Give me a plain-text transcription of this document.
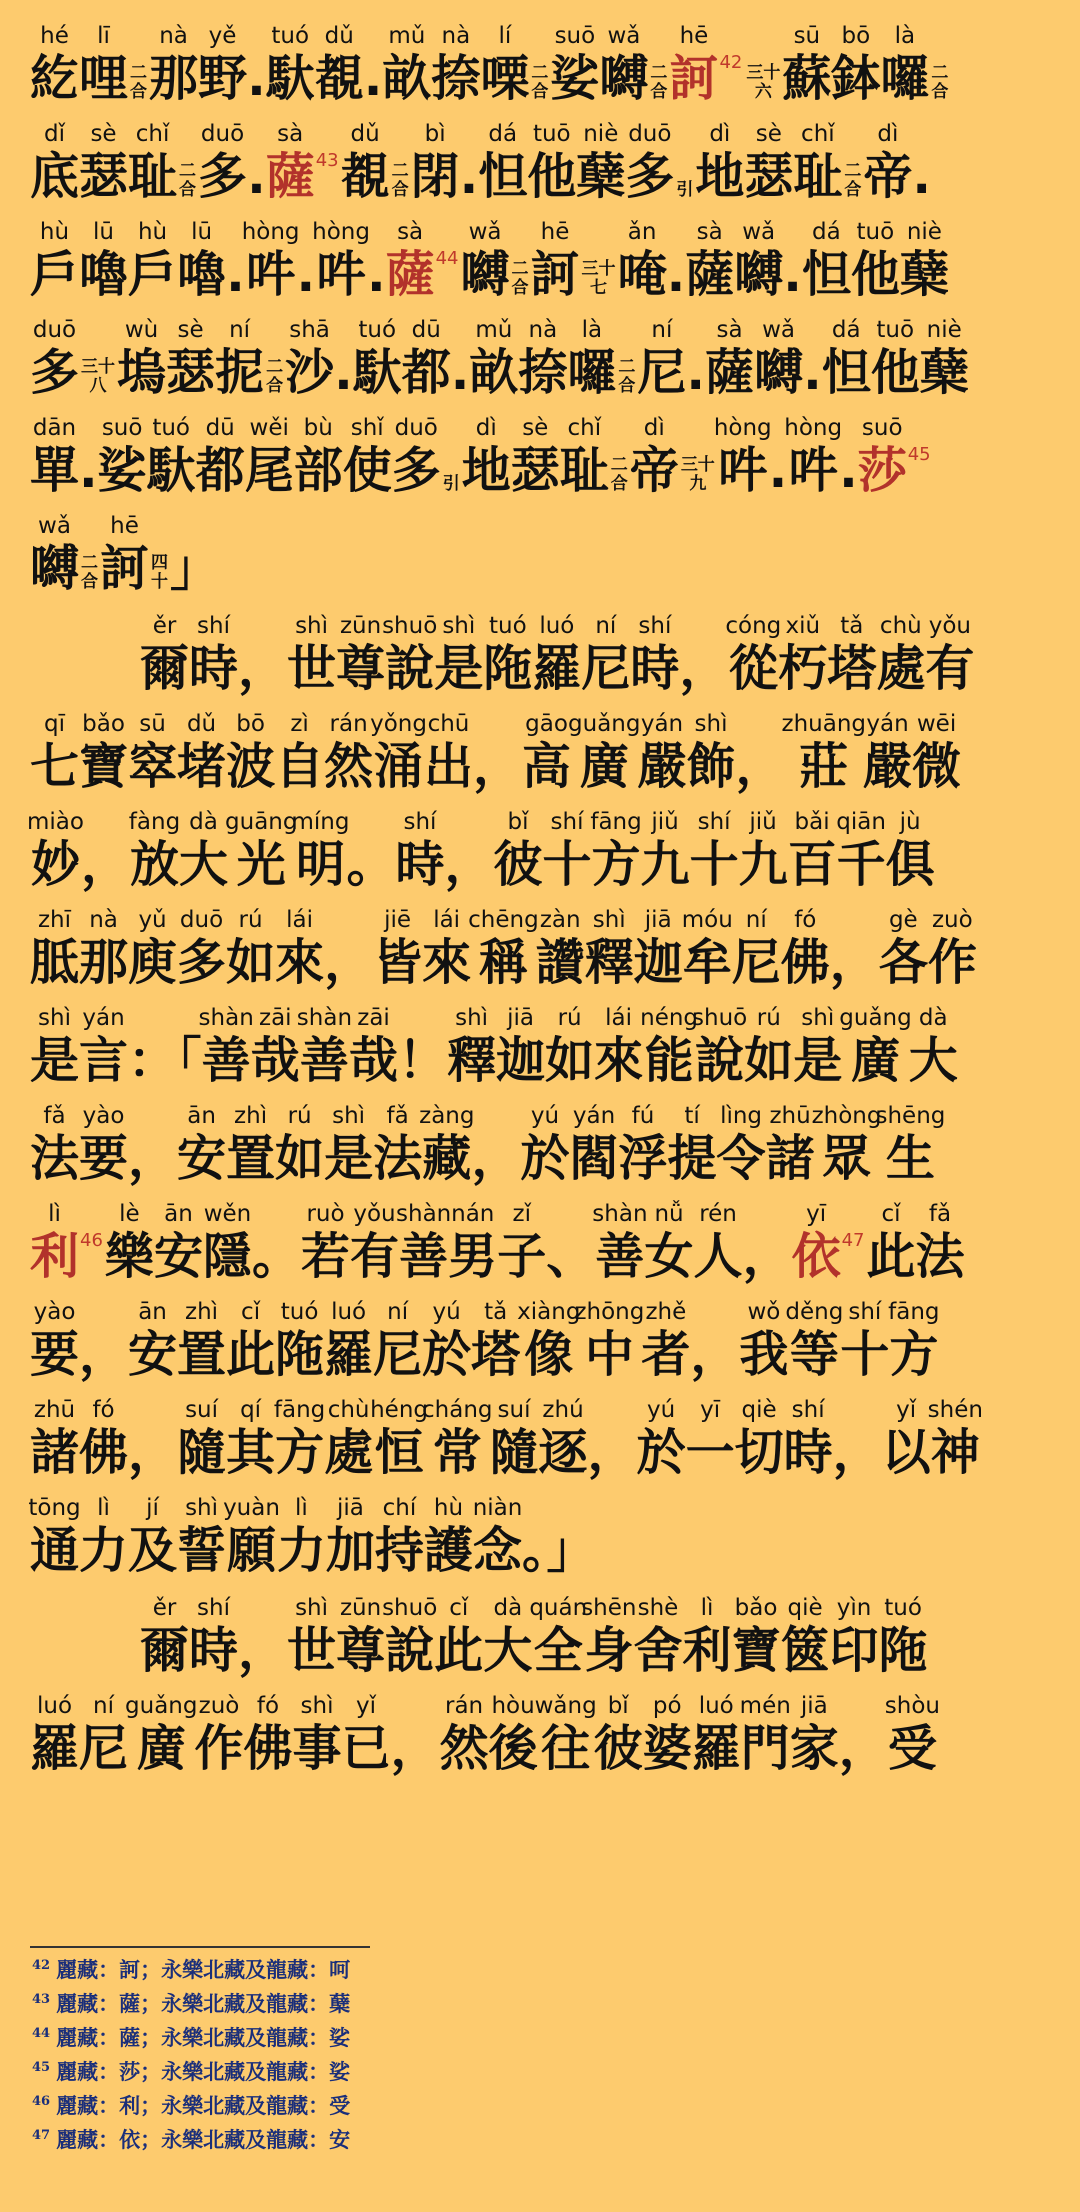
hé
紇
lī
哩 二
合
nà
那
yě
野 .
tuó
馱
dǔ
覩 .
mǔ
畝
nà
捺
lí
㗚 二
合
suō
娑
wǎ
嚩 二
合
hē
訶 42 三十
六
sū
蘇
bō
鉢
là
囉 二
合
dǐ
底
sè
瑟
chǐ
耻 二
合
duō
多 .
sà
薩 43
dǔ
覩 二
合
bì
閉 .
dá
怛
tuō
他
niè
蘖
duō
多 引
dì
地
sè
瑟
chǐ
耻 二
合
dì
帝 .
hù
戶
lū
嚕
hù
戶
lū
嚕 .
hòng
吽 .
hòng
吽 .
sà
薩 44
wǎ
嚩 二
合
hē
訶 三十
七
ǎn
唵 .
sà
薩
wǎ
嚩 .
dá
怛
tuō
他
niè
蘖
duō
多 三十
八
wù
塢
sè
瑟
ní
抳 二
合
shā
沙 .
tuó
馱
dū
都 .
mǔ
畝
nà
捺
là
囉 二
合
ní
尼 .
sà
薩
wǎ
嚩 .
dá
怛
tuō
他
niè
蘖
dān
單 .
suō
娑
tuó
馱
dū
都
wěi
尾
bù
部
shǐ
使
duō
多 引
dì
地
sè
瑟
chǐ
耻 二
合
dì
帝 三十
九
hòng
吽 .
hòng
吽 .
suō
莎 45
wǎ
嚩 二
合
hē
訶 四
十 」
ěr
爾
shí
時 ，
shì
世
zūn
尊
shuō
說
shì
是
tuó
陁
luó
羅
ní
尼
shí
時 ，
cóng
從
xiǔ
朽
tǎ
塔
chù
處
yǒu
有
qī
七
bǎo
寶
sū
窣
dǔ
堵
bō
波
zì
自
rán
然
yǒng
涌
chū
出 ，
gāo
高
guǎng
廣
yán
嚴
shì
飾 ，
zhuāng
莊
yán
嚴
wēi
微
miào
妙 ，
fàng
放
dà
大
guāng
光
míng
明 。
shí
時 ，
bǐ
彼
shí
十
fāng
方
jiǔ
九
shí
十
jiǔ
九
bǎi
百
qiān
千
jù
俱
zhī
胝
nà
那
yǔ
庾
duō
多
rú
如
lái
來 ，
jiē
皆
lái
來
chēng
稱
zàn
讚
shì
釋
jiā
迦
móu
牟
ní
尼
fó
佛 ，
gè
各
zuò
作
shì
是
yán
言 ：「
shàn
善
zāi
哉
shàn
善
zāi
哉 ！
shì
釋
jiā
迦
rú
如
lái
來
néng
能
shuō
說
rú
如
shì
是
guǎng
廣
dà
大
fǎ
法
yào
要 ，
ān
安
zhì
置
rú
如
shì
是
fǎ
法
zàng
藏 ，
yú
於
yán
閻
fú
浮
tí
提
lìng
令
zhū
諸
zhòng
眾
shēng
生
lì
利 46
lè
樂
ān
安
wěn
隱 。
ruò
若
yǒu
有
shàn
善
nán
男
zǐ
子 、
shàn
善
nǚ
女
rén
人 ，
yī
依 47
cǐ
此
fǎ
法
yào
要 ，
ān
安
zhì
置
cǐ
此
tuó
陁
luó
羅
ní
尼
yú
於
tǎ
塔
xiàng
像
zhōng
中
zhě
者 ，
wǒ
我
děng
等
shí
十
fāng
方
zhū
諸
fó
佛 ，
suí
隨
qí
其
fāng
方
chù
處
héng
恒
cháng
常
suí
隨
zhú
逐 ，
yú
於
yī
一
qiè
切
shí
時 ，
yǐ
以
shén
神
tōng
通
lì
力
jí
及
shì
誓
yuàn
願
lì
力
jiā
加
chí
持
hù
護
niàn
念 。」
ěr
爾
shí
時 ，
shì
世
zūn
尊
shuō
說
cǐ
此
dà
大
quán
全
shēn
身
shè
舍
lì
利
bǎo
寶
qiè
篋
yìn
印
tuó
陁
luó
羅
ní
尼
guǎng
廣
zuò
作
fó
佛
shì
事
yǐ
已 ，
rán
然
hòu
後
wǎng
往
bǐ
彼
pó
婆
luó
羅
mén
門
jiā
家 ，
shòu
受
$^{42}$ 麗藏：訶；永樂北藏及龍藏：呵
$^{43}$ 麗藏：薩；永樂北藏及龍藏：蘖
$^{44}$ 麗藏：薩；永樂北藏及龍藏：娑
$^{45}$ 麗藏：莎；永樂北藏及龍藏：娑
$^{46}$ 麗藏：利；永樂北藏及龍藏：受
$^{47}$ 麗藏：依；永樂北藏及龍藏：安
